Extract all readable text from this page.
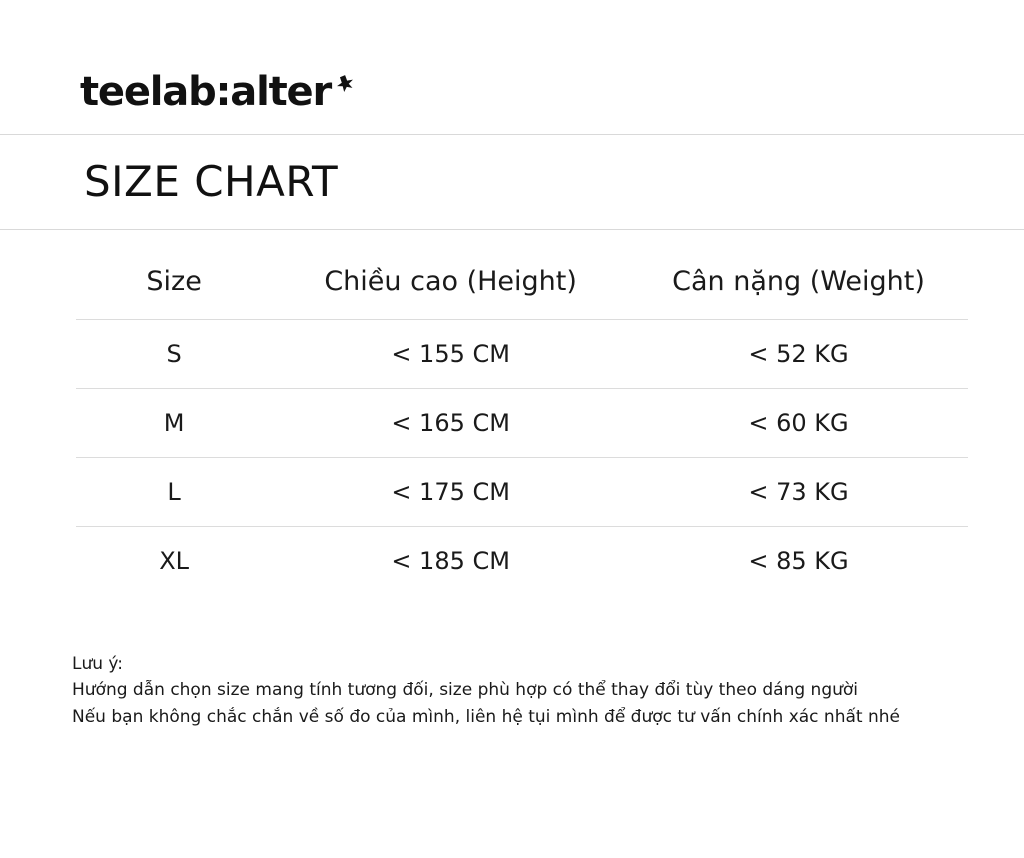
teelab:alter
SIZE CHART
Size	Chiều cao (Height)	Cân nặng (Weight)
S	< 155 CM	< 52 KG
M	< 165 CM	< 60 KG
L	< 175 CM	< 73 KG
XL	< 185 CM	< 85 KG
Lưu ý:
Hướng dẫn chọn size mang tính tương đối, size phù hợp có thể thay đổi tùy theo dáng người
Nếu bạn không chắc chắn về số đo của mình, liên hệ tụi mình để được tư vấn chính xác nhất nhé
